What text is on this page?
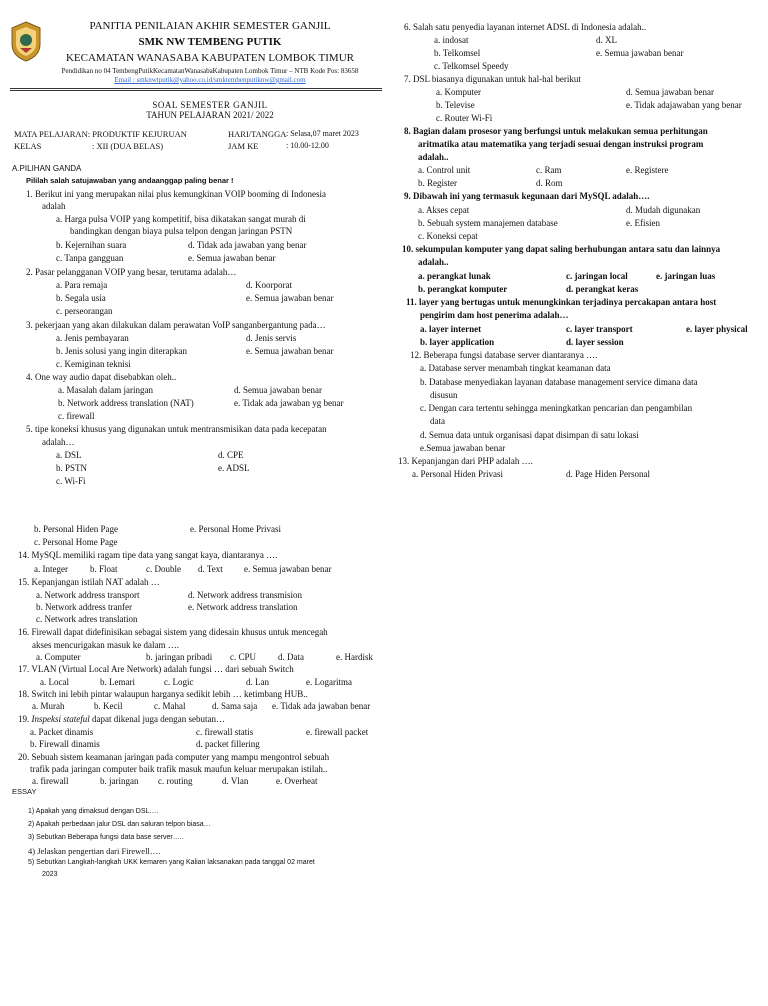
PANITIA PENILAIAN AKHIR SEMESTER GANJIL
SMK NW TEMBENG PUTIK
KECAMATAN WANASABA KABUPATEN LOMBOK TIMUR
Pendidikan no 04 TembengPutikKecamatanWanasabaKabupaten Lombok Timur – NTB Kode Pos: 83658
Email : smknwtputik@yahoo.co.id/smktembenputiknw@gmail.com
SOAL SEMESTER GANJIL
TAHUN PELAJARAN 2021/ 2022
MATA PELAJARAN: PRODUKTIF KEJURUAN
KELAS	: XII (DUA BELAS)
HARI/TANGGA : Selasa,07 maret 2023
JAM KE	: 10.00-12.00
A.PILIHAN GANDA
Pililah salah satujawaban yang andaanggap paling benar !
1. Berikut ini yang merupakan nilai plus kemungkinan VOIP booming di Indonesia
adalah
a. Harga pulsa VOIP yang kompetitif, bisa dikatakan sangat murah di
bandingkan dengan biaya pulsa telpon dengan jaringan PSTN
b. Kejernihan suara	d. Tidak ada jawaban yang benar
c. Tanpa gangguan	e. Semua jawaban benar
2. Pasar pelangganan VOIP yang besar, terutama adalah…
a. Para remaja	d. Koorporat
b. Segala usia	e. Semua jawaban benar
c. perseorangan
3. pekerjaan yang akan dilakukan dalam perawatan VoIP sanganbergantung pada…
a. Jenis pembayaran	d. Jenis servis
b. Jenis solusi yang ingin diterapkan	e. Semua jawaban benar
c. Kemiginan teknisi
4. One way audio dapat disebabkan oleh..
a. Masalah dalam jaringan	d. Semua jawaban benar
b. Network address translation (NAT)	e. Tidak ada jawaban yg benar
c. firewall
5. tipe koneksi khusus yang digunakan untuk mentransmisikan data pada kecepatan
adalah…
a. DSL	d. CPE
b. PSTN	e. ADSL
c. Wi-Fi
6. Salah satu penyedia layanan internet ADSL di Indonesia adalah..
a. indosat	d. XL
b. Telkomsel	e. Semua jawaban benar
c. Telkomsel Speedy
7. DSL biasanya digunakan untuk hal-hal berikut
a. Komputer	d. Semua jawaban benar
b. Televise	e. Tidak adajawaban yang benar
c. Router Wi-Fi
8. Bagian dalam prosesor yang berfungsi untuk melakukan semua perhitungan
aritmatika atau matematika yang terjadi sesuai dengan instruksi program
adalah..
a. Control unit	c. Ram	e. Registere
b. Register	d. Rom
9. Dibawah ini yang termasuk kegunaan dari MySQL adalah….
a. Akses cepat	d. Mudah digunakan
b. Sebuah system manajemen database	e. Efisien
c. Koneksi cepat
10. sekumpulan komputer yang dapat saling berhubungan antara satu dan lainnya
adalah..
a. perangkat lunak	c. jaringan local	e. jaringan luas
b. perangkat komputer	d. perangkat keras
11. layer yang bertugas untuk menungkinkan terjadinya percakapan antara host
pengirim dam host penerima adalah…
a. layer internet	c. layer transport	e. layer physical
b. layer application	d. layer session
12. Beberapa fungsi database server diantaranya ….
a. Database server menambah tingkat keamanan data
b. Database menyediakan layanan database management service dimana data
disusun
c. Dengan cara tertentu sehingga meningkatkan pencarian dan pengambilan
data
d. Semua data untuk organisasi dapat disimpan di satu lokasi
e.Semua jawaban benar
13. Kepanjangan dari PHP adalah ….
a. Personal Hiden Privasi	d. Page Hiden Personal
b. Personal Hiden Page	e. Personal Home Privasi
c. Personal Home Page
14. MySQL memiliki ragam tipe data yang sangat kaya, diantaranya ….
a. Integer b. Float	c. Double d. Text e. Semua jawaban benar
15. Kepanjangan istilah NAT adalah …
a. Network address transport	d. Network address transmision
b. Network address tranfer	e. Network address translation
c. Network adres translation
16. Firewall dapat didefinisikan sebagai sistem yang didesain khusus untuk mencegah
akses mencurigakan masuk ke dalam ….
a. Computer	b. jaringan pribadi c. CPU d. Data	e. Hardisk
17. VLAN (Virtual Local Are Network) adalah fungsi … dari sebuah Switch
a. Local	b. Lemari	c. Logic	d. Lan	e. Logaritma
18. Switch ini lebih pintar walaupun harganya sedikit lebih … ketimbang HUB..
a. Murah	b. Kecil	c. Mahal	d. Sama saja e. Tidak ada jawaban benar
19. Inspeksi stateful dapat dikenal juga dengan sebutan…
a. Packet dinamis	c. firewall statis	e. firewall packet
b. Firewall dinamis	d. packet fillering
20. Sebuah sistem keamanan jaringan pada computer yang mampu mengontrol sebuah
trafik pada jaringan computer baik trafik masuk maufun keluar merupakan istilah..
a. firewall	b. jaringan c. routing	d. Vlan	e. Overheat
ESSAY
1) Apakah yang dimaksud dengan DSL….
2) Apakah perbedaan jalur DSL dan saluran telpon biasa…
3) Sebutkan Beberapa fungsi data base server…..
4) Jelaskan pengertian dari Firewell….
5) Sebutkan Langkah-langkah UKK kemaren yang Kalian laksanakan pada tanggal 02 maret
2023
